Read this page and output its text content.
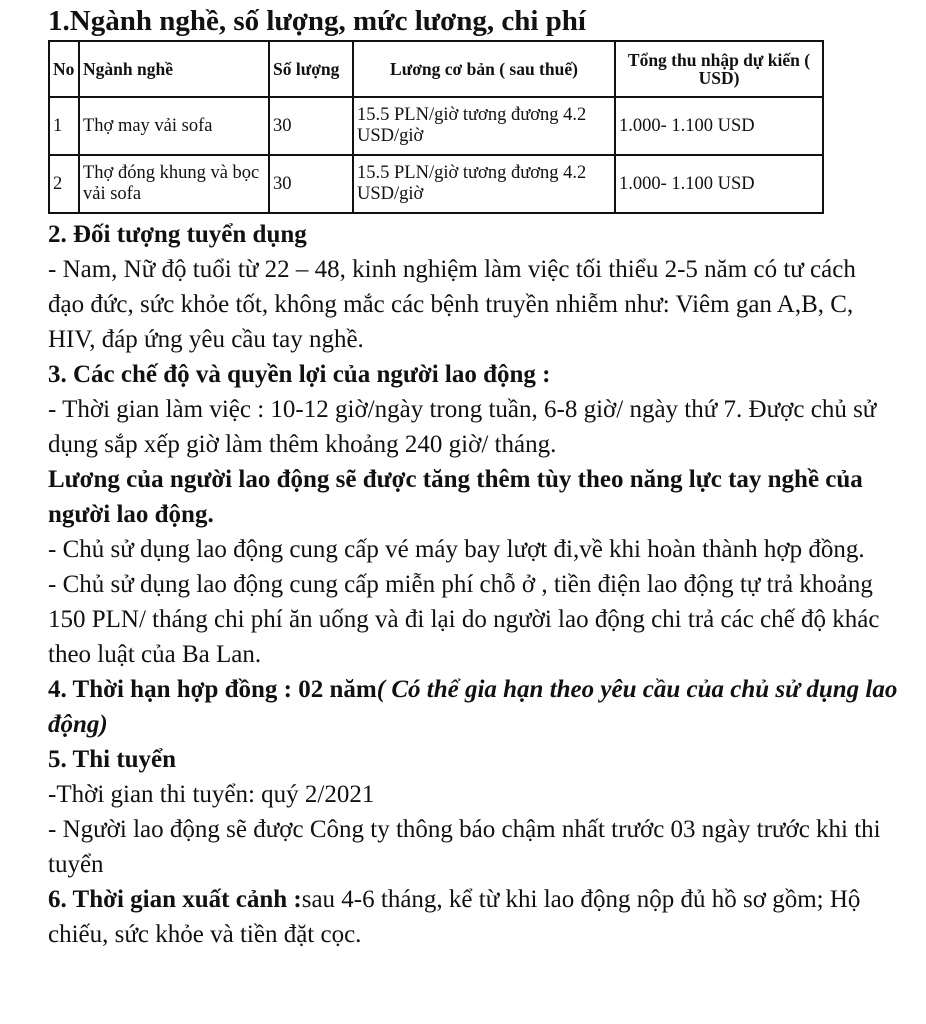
1.Ngành nghề, số lượng, mức lương, chi phí
No	Ngành nghề	Số lượng	Lương cơ bản ( sau thuế)	Tổng thu nhập dự kiến ( USD)
1	Thợ may vải sofa	30	15.5 PLN/giờ tương đương 4.2 USD/giờ	1.000- 1.100 USD
2	Thợ đóng khung và bọc vải sofa	30	15.5 PLN/giờ tương đương 4.2 USD/giờ	1.000- 1.100 USD

2. Đối tượng tuyển dụng

- Nam, Nữ độ tuổi từ 22 – 48, kinh nghiệm làm việc tối thiểu 2-5 năm có tư cách đạo đức, sức khỏe tốt, không mắc các bệnh truyền nhiễm như: Viêm gan A,B, C, HIV, đáp ứng yêu cầu tay nghề.

3. Các chế độ và quyền lợi của người lao động :

- Thời gian làm việc : 10-12 giờ/ngày trong tuần, 6-8 giờ/ ngày thứ 7. Được chủ sử dụng sắp xếp giờ làm thêm khoảng 240 giờ/ tháng.

Lương của người lao động sẽ được tăng thêm tùy theo năng lực tay nghề của người lao động.

- Chủ sử dụng lao động cung cấp vé máy bay lượt đi,về khi hoàn thành hợp đồng.

- Chủ sử dụng lao động cung cấp miễn phí chỗ ở , tiền điện lao động tự trả khoảng 150 PLN/ tháng chi phí ăn uống và đi lại do người lao động chi trả các chế độ khác theo luật của Ba Lan.

4. Thời hạn hợp đồng : 02 năm( Có thể gia hạn theo yêu cầu của chủ sử dụng lao động)

5. Thi tuyển

-Thời gian thi tuyển: quý 2/2021

- Người lao động sẽ được Công ty thông báo chậm nhất trước 03 ngày trước khi thi tuyển

6. Thời gian xuất cảnh :sau 4-6 tháng, kể từ khi lao động nộp đủ hồ sơ gồm; Hộ chiếu, sức khỏe và tiền đặt cọc.
